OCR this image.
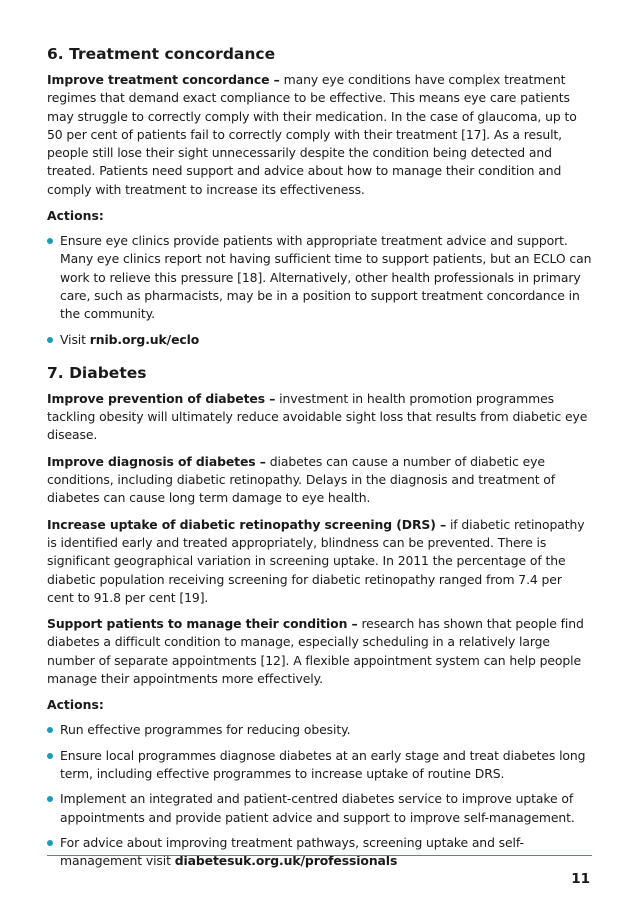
6. Treatment concordance

Improve treatment concordance – many eye conditions have complex treatment regimes that demand exact compliance to be effective. This means eye care patients may struggle to correctly comply with their medication. In the case of glaucoma, up to 50 per cent of patients fail to correctly comply with their treatment [17]. As a result, people still lose their sight unnecessarily despite the condition being detected and treated. Patients need support and advice about how to manage their condition and comply with treatment to increase its effectiveness.

Actions:
Ensure eye clinics provide patients with appropriate treatment advice and support. Many eye clinics report not having sufficient time to support patients, but an ECLO can work to relieve this pressure [18]. Alternatively, other health professionals in primary care, such as pharmacists, may be in a position to support treatment concordance in the community.
Visit rnib.org.uk/eclo
7. Diabetes

Improve prevention of diabetes – investment in health promotion programmes tackling obesity will ultimately reduce avoidable sight loss that results from diabetic eye disease.

Improve diagnosis of diabetes – diabetes can cause a number of diabetic eye conditions, including diabetic retinopathy. Delays in the diagnosis and treatment of diabetes can cause long term damage to eye health.

Increase uptake of diabetic retinopathy screening (DRS) – if diabetic retinopathy is identified early and treated appropriately, blindness can be prevented. There is significant geographical variation in screening uptake. In 2011 the percentage of the diabetic population receiving screening for diabetic retinopathy ranged from 7.4 per cent to 91.8 per cent [19].

Support patients to manage their condition – research has shown that people find diabetes a difficult condition to manage, especially scheduling in a relatively large number of separate appointments [12]. A flexible appointment system can help people manage their appointments more effectively.

Actions:
Run effective programmes for reducing obesity.
Ensure local programmes diagnose diabetes at an early stage and treat diabetes long term, including effective programmes to increase uptake of routine DRS.
Implement an integrated and patient-centred diabetes service to improve uptake of appointments and provide patient advice and support to improve self-management.
For advice about improving treatment pathways, screening uptake and self-management visit diabetesuk.org.uk/professionals
11
